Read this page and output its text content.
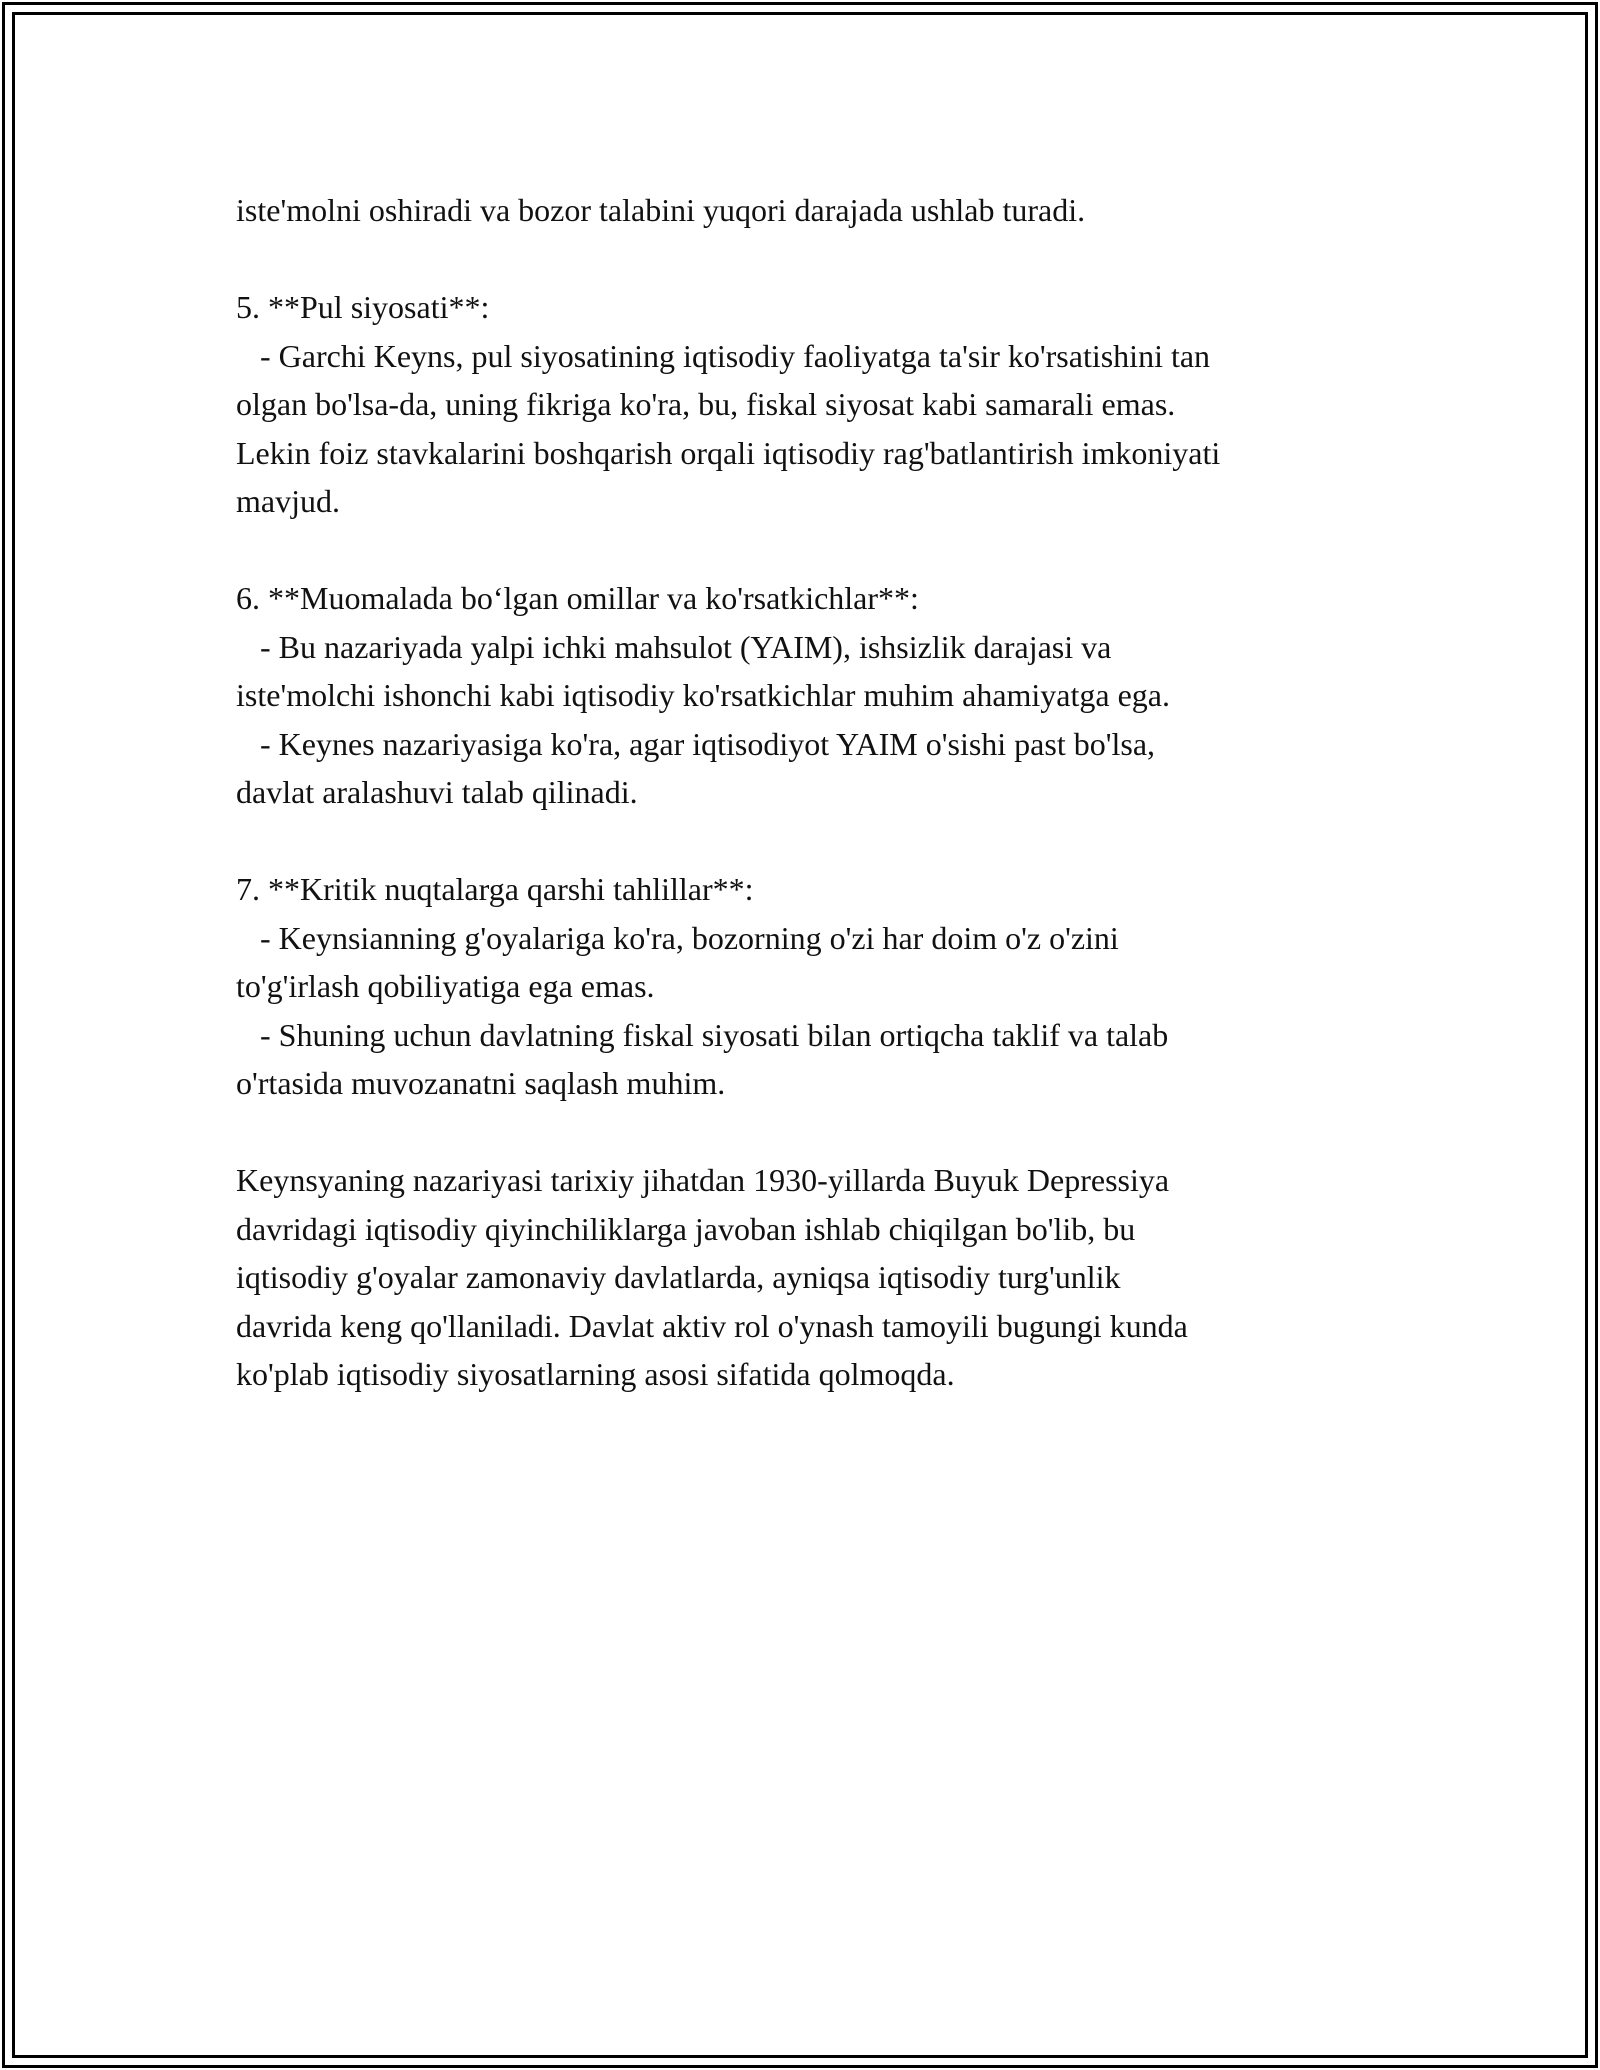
iste'molni oshiradi va bozor talabini yuqori darajada ushlab turadi.
5. **Pul siyosati**:
- Garchi Keyns, pul siyosatining iqtisodiy faoliyatga ta'sir ko'rsatishini tan
olgan bo'lsa-da, uning fikriga ko'ra, bu, fiskal siyosat kabi samarali emas.
Lekin foiz stavkalarini boshqarish orqali iqtisodiy rag'batlantirish imkoniyati
mavjud.
6. **Muomalada bo‘lgan omillar va ko'rsatkichlar**:
- Bu nazariyada yalpi ichki mahsulot (YAIM), ishsizlik darajasi va
iste'molchi ishonchi kabi iqtisodiy ko'rsatkichlar muhim ahamiyatga ega.
- Keynes nazariyasiga ko'ra, agar iqtisodiyot YAIM o'sishi past bo'lsa,
davlat aralashuvi talab qilinadi.
7. **Kritik nuqtalarga qarshi tahlillar**:
- Keynsianning g'oyalariga ko'ra, bozorning o'zi har doim o'z o'zini
to'g'irlash qobiliyatiga ega emas.
- Shuning uchun davlatning fiskal siyosati bilan ortiqcha taklif va talab
o'rtasida muvozanatni saqlash muhim.
Keynsyaning nazariyasi tarixiy jihatdan 1930-yillarda Buyuk Depressiya
davridagi iqtisodiy qiyinchiliklarga javoban ishlab chiqilgan bo'lib, bu
iqtisodiy g'oyalar zamonaviy davlatlarda, ayniqsa iqtisodiy turg'unlik
davrida keng qo'llaniladi. Davlat aktiv rol o'ynash tamoyili bugungi kunda
ko'plab iqtisodiy siyosatlarning asosi sifatida qolmoqda.
